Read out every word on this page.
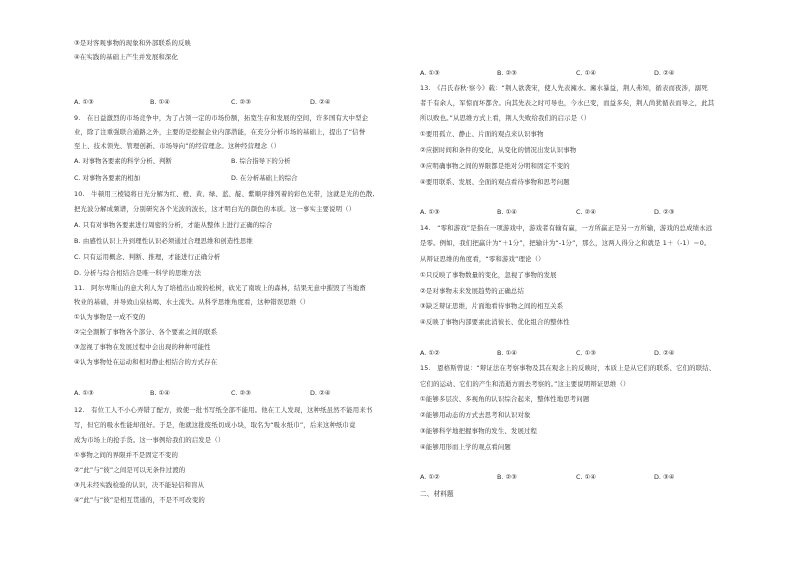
③是对客观事物的现象和外部联系的反映
④在实践的基础上产生并发展和深化
A. ①③	B. ①④	C. ②③	D. ②④
9.　在日益激烈的市场竞争中，为了占领一定的市场份额，拓宽生存和发展的空间，许多国有大中型企
业，除了注重强联合通路之外，主要的是挖掘企业内部潜能，在充分分析市场的基础上，提出了“信誉
至上、技术领先、管理创新、市场导向”的经营理念。这种经营理念（）
A. 对事物各要素的科学分析、判断	B. 综合指导下的分析
C. 对事物各要素的相加	D. 在分析基础上的综合
10.　牛顿用三棱镜将日光分解为红、橙、黄、绿、蓝、靛、紫顺序排列着的彩色光带，这就是光的色散,
把光波分解成频谱，分别研究各个光波的波长，这才明白光的颜色的本质。这一事实主要说明（）
A. 只有对事物各要素进行周密的分析，才能从整体上进行正确的综合
B. 由感性认识上升到理性认识必须通过合理思维和创造性思维
C. 只有运用概念、判断、推理，才能进行正确分析
D. 分析与综合相结合是唯一科学的思维方法
11.　阿尔卑斯山的意大利人为了培植出山坡的松树，砍光了南坡上的森林，结果无意中摧毁了当地畜
牧业的基础，并导致山泉枯竭、水土流失。从科学思维角度看，这种错误思维（）
①认为事物是一成不变的
②完全割断了事物各个部分、各个要素之间的联系
③忽视了事物在发展过程中会出现的种种可能性
④认为事物处在运动和相对静止相结合的方式存在
A. ①③	B. ①④	C. ②③	D. ②④
12.　有位工人不小心弄错了配方，致使一批书写纸全部不能用。他在工人发现，这种纸虽然不能用来书
写，但它的吸水性能却很好。于是，他就这批废纸切成小块，取名为“吸水纸巾”，后来这种纸巾竟
成为市场上的抢手货。这一事例给我们的启发是（）
①事物之间的界限并不是固定不变的
②“此”与“彼”之间是可以无条件过渡的
③凡未经实践检验的认识，决不能轻信和盲从
④“此”与“彼”是相互贯通的，不是不可改变的
A. ①③	B. ②③	C. ①④	D. ②④
13.　《吕氏春秋·察今》载：“荆人欲袭宋，使人先表澭水。澭水暴益，荆人弗知，循表而夜涉，溺死
者千有余人，军惊而坏都舍。向其先表之时可导也，今水已变，而益多矣，荆人尚犹循表而导之，此其
所以败也。”从思维方式上看，荆人失败给我们的启示是（）
①要用孤立、静止、片面的观点来认识事物
②应据时间和条件的变化，从变化的情况出发认识事物
③应明确事物之间的界限都是绝对分明和固定不变的
④要用联系、发展、全面的观点看待事物和思考问题
A. ①③	B. ①④	C. ②④	D. ②③
14.　“零和游戏”是指在一项游戏中，游戏者有输有赢，一方所赢正是另一方所输，游戏的总成绩永远
是零。例如，我们把赢计为“＋1分”，把输计为“-1分”，那么，这两人得分之和就是 1＋（-1）＝0。
从辩证思维的角度看，“零和游戏”理论（）
①只反映了事物数量的变化，忽视了事物的发展
②是对事物未来发展趋势的正确总结
③缺乏辩证思维，片面地看待事物之间的相互关系
④反映了事物内部要素此消彼长、优化组合的整体性
A. ①②	B. ①④	C. ①③	D. ②④
15.　恩格斯曾说：“辩证法在考察事物及其在观念上的反映时，本质上是从它们的联系、它们的联结、
它们的运动、它们的产生和消逝方面去考察的。”这主要说明辩证思维（）
①能够多层次、多视角的认识综合起来，整体性地思考问题
②能够用动态的方式去思考和认识对象
③能够科学地把握事物的发生、发展过程
④能够用形而上学的观点看问题
A. ①②	B. ②③	C. ①④	D. ③④
二、材料题
